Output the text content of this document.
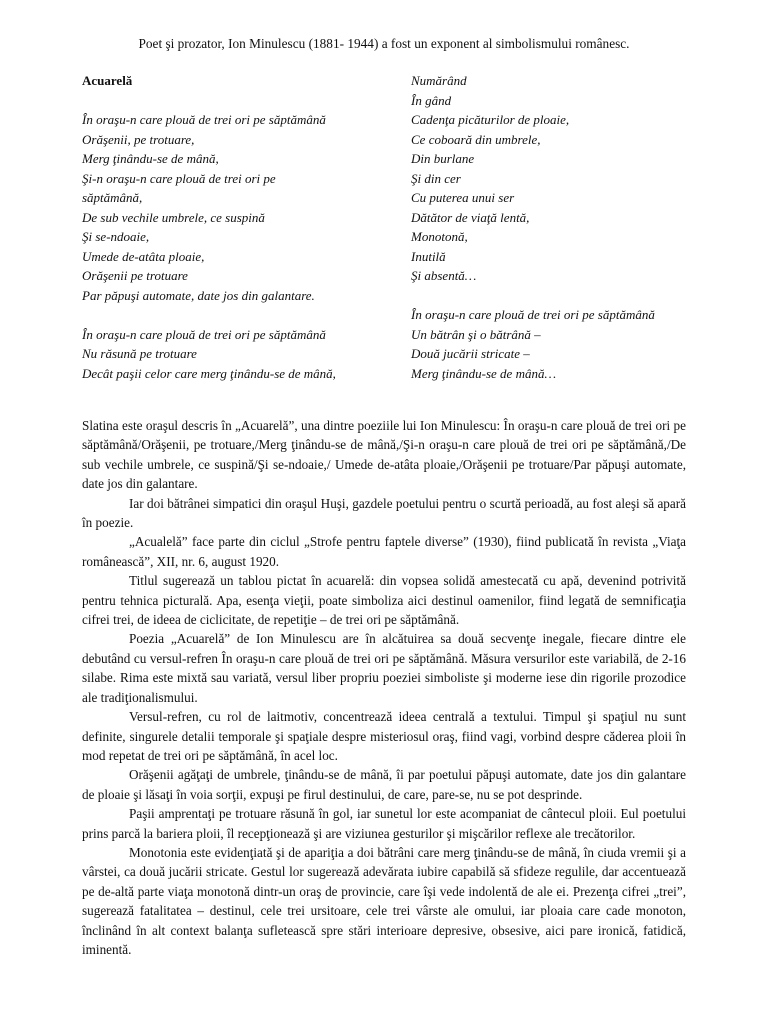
Poet şi prozator, Ion Minulescu (1881- 1944) a fost un exponent al simbolismului românesc.
Acuarelă
În oraşu-n care plouă de trei ori pe săptămână
Orăşenii, pe trotuare,
Merg ţinându-se de mână,
Şi-n oraşu-n care plouă de trei ori pe
săptămână,
De sub vechile umbrele, ce suspină
Şi se-ndoaie,
Umede de-atâta ploaie,
Orăşenii pe trotuare
Par păpuşi automate, date jos din galantare.
În oraşu-n care plouă de trei ori pe săptămână
Nu răsună pe trotuare
Decât paşii celor care merg ţinându-se de mână,
Numărând
În gând
Cadenţa picăturilor de ploaie,
Ce coboară din umbrele,
Din burlane
Şi din cer
Cu puterea unui ser
Dătător de viaţă lentă,
Monotonă,
Inutilă
Şi absentă…
În oraşu-n care plouă de trei ori pe săptămână
Un bătrân şi o bătrână –
Două jucării stricate –
Merg ţinându-se de mână…

Slatina este oraşul descris în „Acuarelă”, una dintre poeziile lui Ion Minulescu: În oraşu-n care plouă de trei ori pe săptămână/Orăşenii, pe trotuare,/Merg ţinându-se de mână,/Şi-n oraşu-n care plouă de trei ori pe săptămână,/De sub vechile umbrele, ce suspină/Şi se-ndoaie,/ Umede de-atâta ploaie,/Orăşenii pe trotuare/Par păpuşi automate, date jos din galantare.

Iar doi bătrânei simpatici din oraşul Huşi, gazdele poetului pentru o scurtă perioadă, au fost aleşi să apară în poezie.

„Acualelă” face parte din ciclul „Strofe pentru faptele diverse” (1930), fiind publicată în revista „Viaţa românească”, XII, nr. 6, august 1920.

Titlul sugerează un tablou pictat în acuarelă: din vopsea solidă amestecată cu apă, devenind potrivită pentru tehnica picturală. Apa, esenţa vieţii, poate simboliza aici destinul oamenilor, fiind legată de semnificaţia cifrei trei, de ideea de ciclicitate, de repetiţie – de trei ori pe săptămână.

Poezia „Acuarelă” de Ion Minulescu are în alcătuirea sa două secvenţe inegale, fiecare dintre ele debutând cu versul-refren În oraşu-n care plouă de trei ori pe săptămână. Măsura versurilor este variabilă, de 2-16 silabe. Rima este mixtă sau variată, versul liber propriu poeziei simboliste şi moderne iese din rigorile prozodice ale tradiţionalismului.

Versul-refren, cu rol de laitmotiv, concentrează ideea centrală a textului. Timpul şi spaţiul nu sunt definite, singurele detalii temporale şi spaţiale despre misteriosul oraş, fiind vagi, vorbind despre căderea ploii în mod repetat de trei ori pe săptămână, în acel loc.

Orăşenii agăţaţi de umbrele, ţinându-se de mână, îi par poetului păpuşi automate, date jos din galantare de ploaie şi lăsaţi în voia sorţii, expuşi pe firul destinului, de care, pare-se, nu se pot desprinde.

Paşii amprentaţi pe trotuare răsună în gol, iar sunetul lor este acompaniat de cântecul ploii. Eul poetului prins parcă la bariera ploii, îl recepţionează şi are viziunea gesturilor şi mişcărilor reflexe ale trecătorilor.

Monotonia este evidenţiată şi de apariţia a doi bătrâni care merg ţinându-se de mână, în ciuda vremii şi a vârstei, ca două jucării stricate. Gestul lor sugerează adevărata iubire capabilă să sfideze regulile, dar accentuează pe de-altă parte viaţa monotonă dintr-un oraş de provincie, care îşi vede indolentă de ale ei. Prezenţa cifrei „trei”, sugerează fatalitatea – destinul, cele trei ursitoare, cele trei vârste ale omului, iar ploaia care cade monoton, înclinând în alt context balanţa sufletească spre stări interioare depresive, obsesive, aici pare ironică, fatidică, iminentă.
